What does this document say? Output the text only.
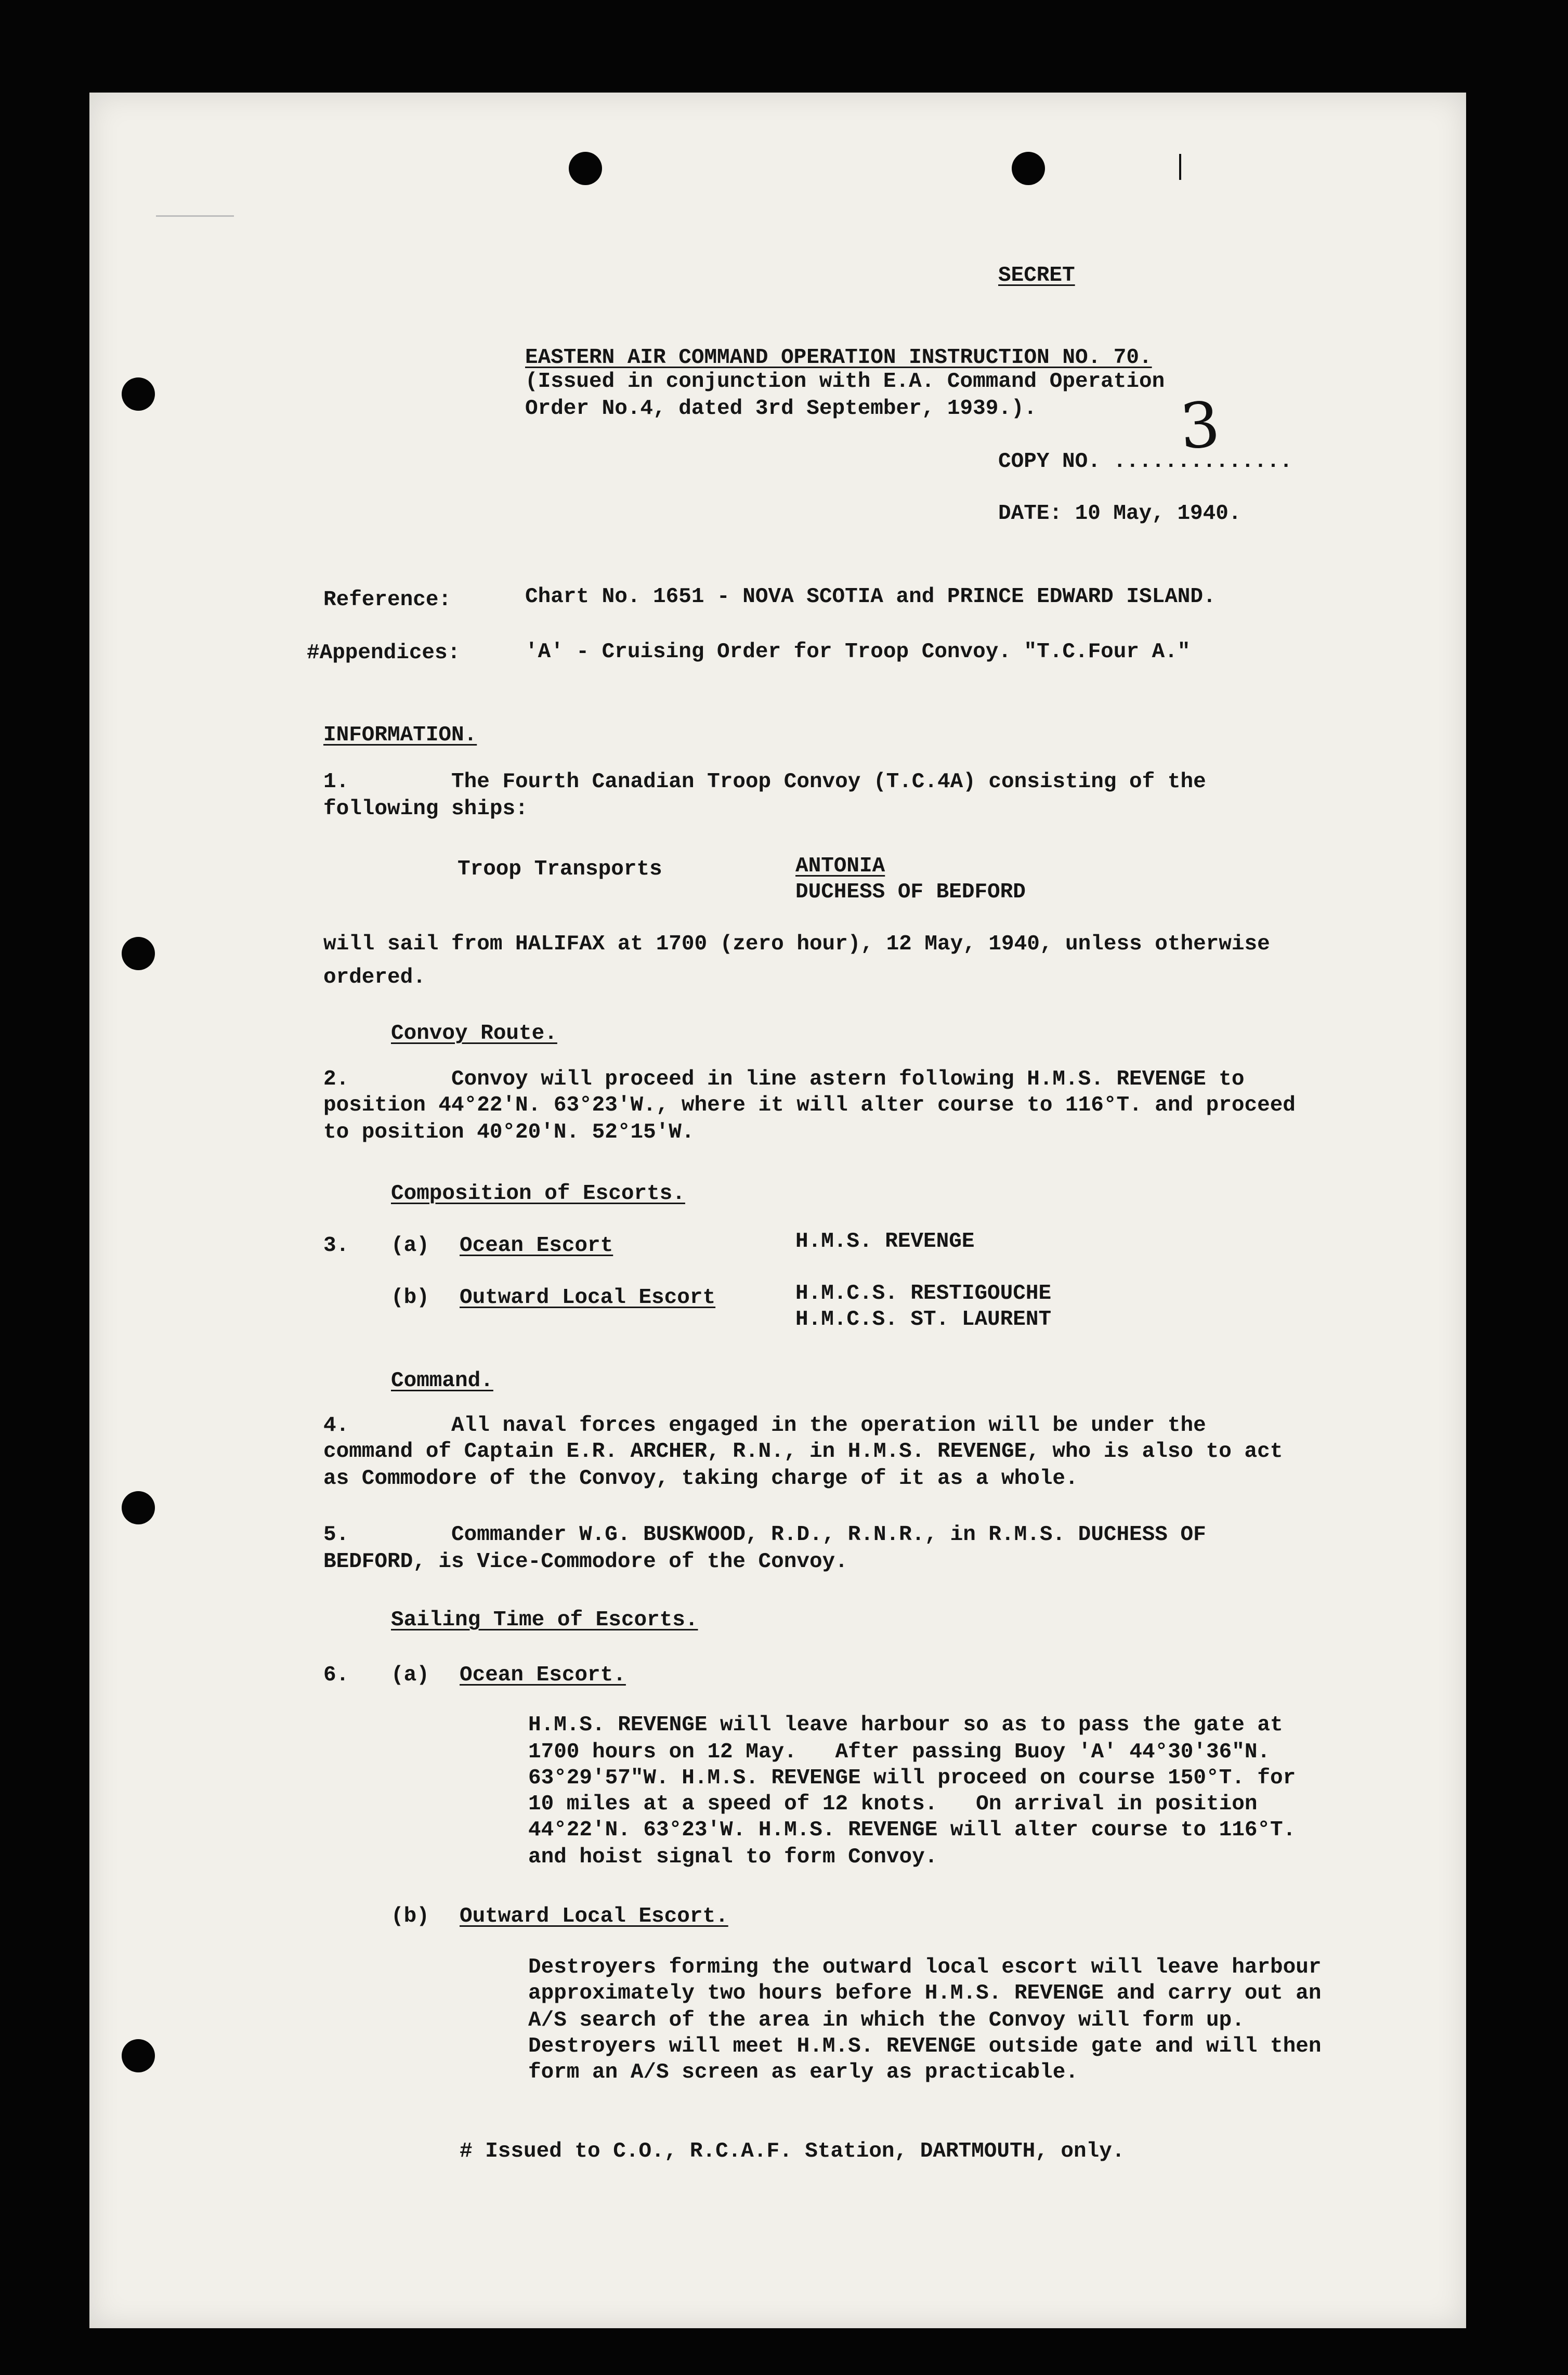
SECRET
EASTERN AIR COMMAND OPERATION INSTRUCTION NO. 70.
(Issued in conjunction with E.A. Command Operation
Order No.4, dated 3rd September, 1939.).
COPY NO. ..............
3
DATE: 10 May, 1940.
Reference:	Chart No. 1651 - NOVA SCOTIA and PRINCE EDWARD ISLAND.
#Appendices:	'A' - Cruising Order for Troop Convoy. "T.C.Four A."
INFORMATION.
1.        The Fourth Canadian Troop Convoy (T.C.4A) consisting of the
following ships:
Troop Transports	ANTONIA
DUCHESS OF BEDFORD
will sail from HALIFAX at 1700 (zero hour), 12 May, 1940, unless otherwise
ordered.
Convoy Route.
2.        Convoy will proceed in line astern following H.M.S. REVENGE to
position 44°22'N. 63°23'W., where it will alter course to 116°T. and proceed
to position 40°20'N. 52°15'W.
Composition of Escorts.
3. (a) Ocean Escort	H.M.S. REVENGE
(b) Outward Local Escort	H.M.C.S. RESTIGOUCHE
H.M.C.S. ST. LAURENT
Command.
4.        All naval forces engaged in the operation will be under the
command of Captain E.R. ARCHER, R.N., in H.M.S. REVENGE, who is also to act
as Commodore of the Convoy, taking charge of it as a whole.
5.        Commander W.G. BUSKWOOD, R.D., R.N.R., in R.M.S. DUCHESS OF
BEDFORD, is Vice-Commodore of the Convoy.
Sailing Time of Escorts.
6. (a) Ocean Escort.
H.M.S. REVENGE will leave harbour so as to pass the gate at
1700 hours on 12 May.   After passing Buoy 'A' 44°30'36"N.
63°29'57"W. H.M.S. REVENGE will proceed on course 150°T. for
10 miles at a speed of 12 knots.   On arrival in position
44°22'N. 63°23'W. H.M.S. REVENGE will alter course to 116°T.
and hoist signal to form Convoy.
(b) Outward Local Escort.
Destroyers forming the outward local escort will leave harbour
approximately two hours before H.M.S. REVENGE and carry out an
A/S search of the area in which the Convoy will form up.
Destroyers will meet H.M.S. REVENGE outside gate and will then
form an A/S screen as early as practicable.
# Issued to C.O., R.C.A.F. Station, DARTMOUTH, only.
